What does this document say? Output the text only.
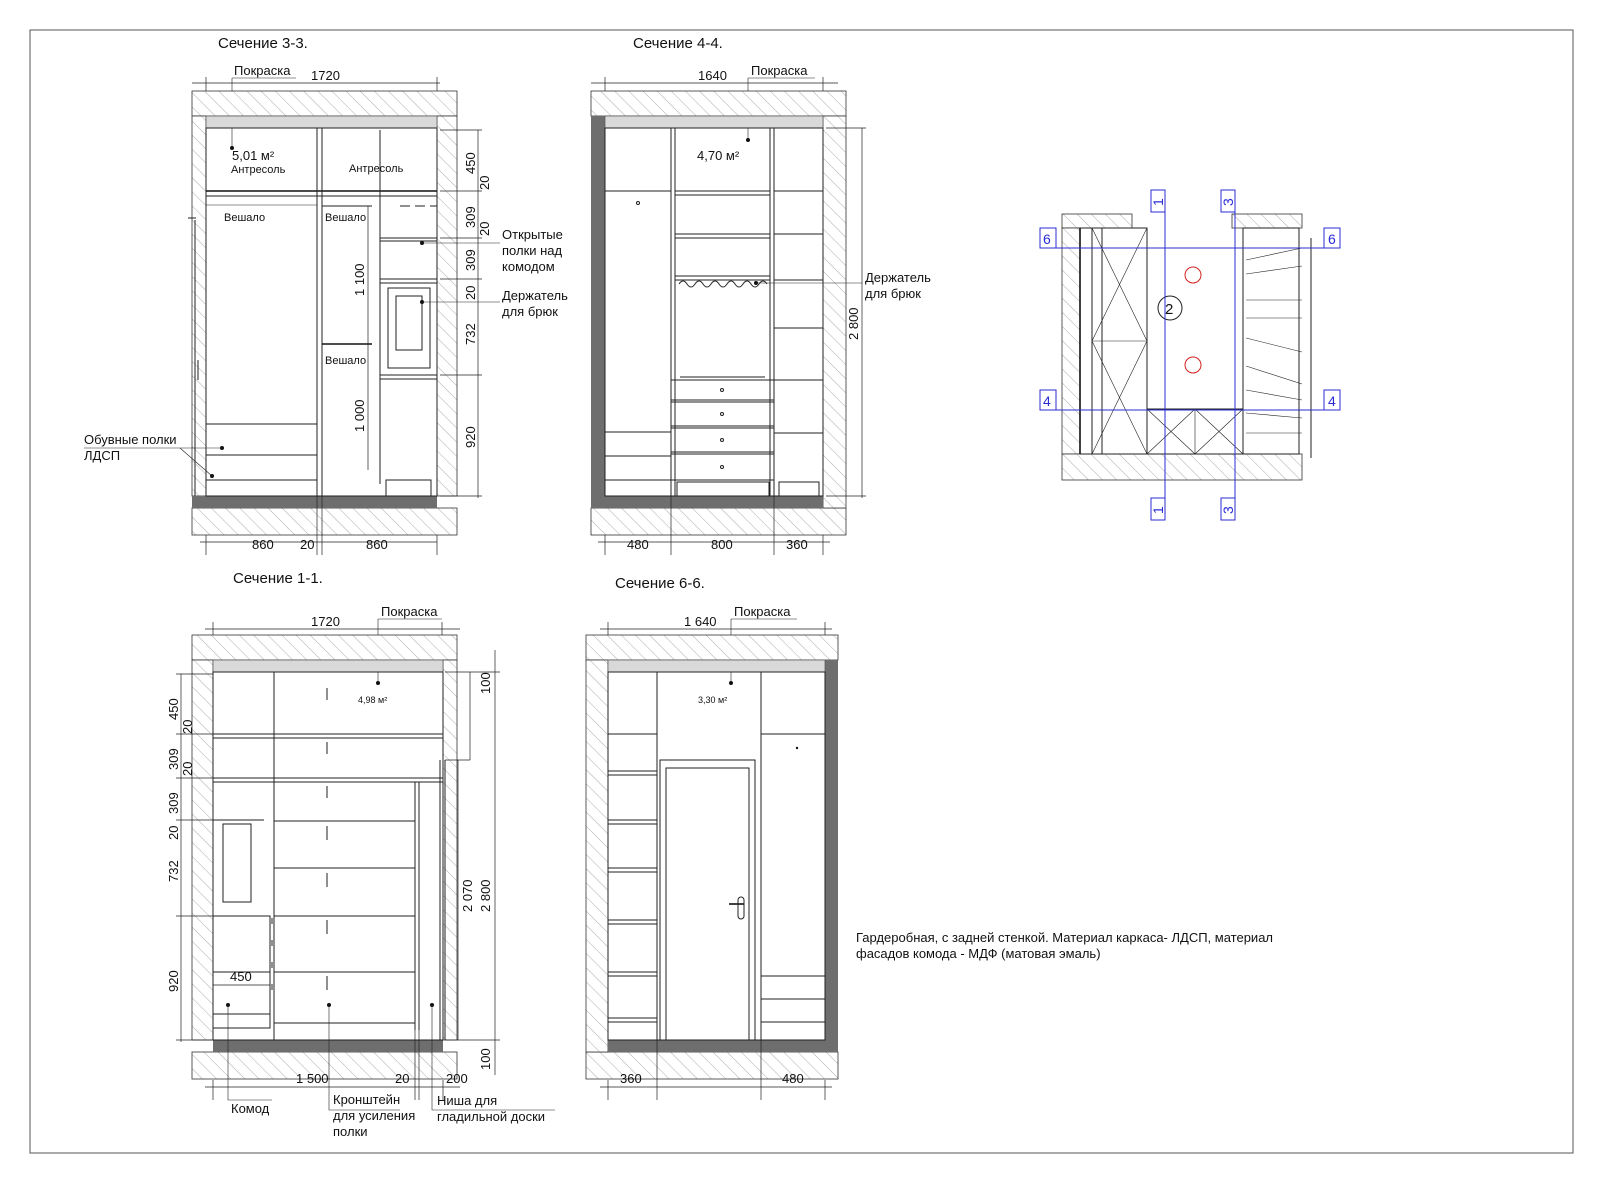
Сечение 3-3.
1720
Покраска
5,01 м²
Антресоль	Антресоль
Вешало	Вешало
Вешало
Открытые
полки над
комодом
Держатель
для брюк
Обувные полки
ЛДСП
450
20
309
20
309
20
732
920
1 100
1 000
860 20	860
Сечение 4-4.
1640 Покраска
4,70 м²
Держатель
для брюк
2 800
480	800	360
2
6
4
6
4
1	3
1	3
Сечение 1-1.
1720
Покраска
4,98 м²
450
450
20
309 20
309
20
732
920
100
2 070 2 800
100
1 500	20	200
Комод
Кронштейн
для усиления
полки
Ниша для
гладильной доски
Сечение 6-6.
1 640
Покраска
3,30 м²
360	480
Гардеробная, с задней стенкой. Материал каркаса- ЛДСП, материал
фасадов комода - МДФ (матовая эмаль)
